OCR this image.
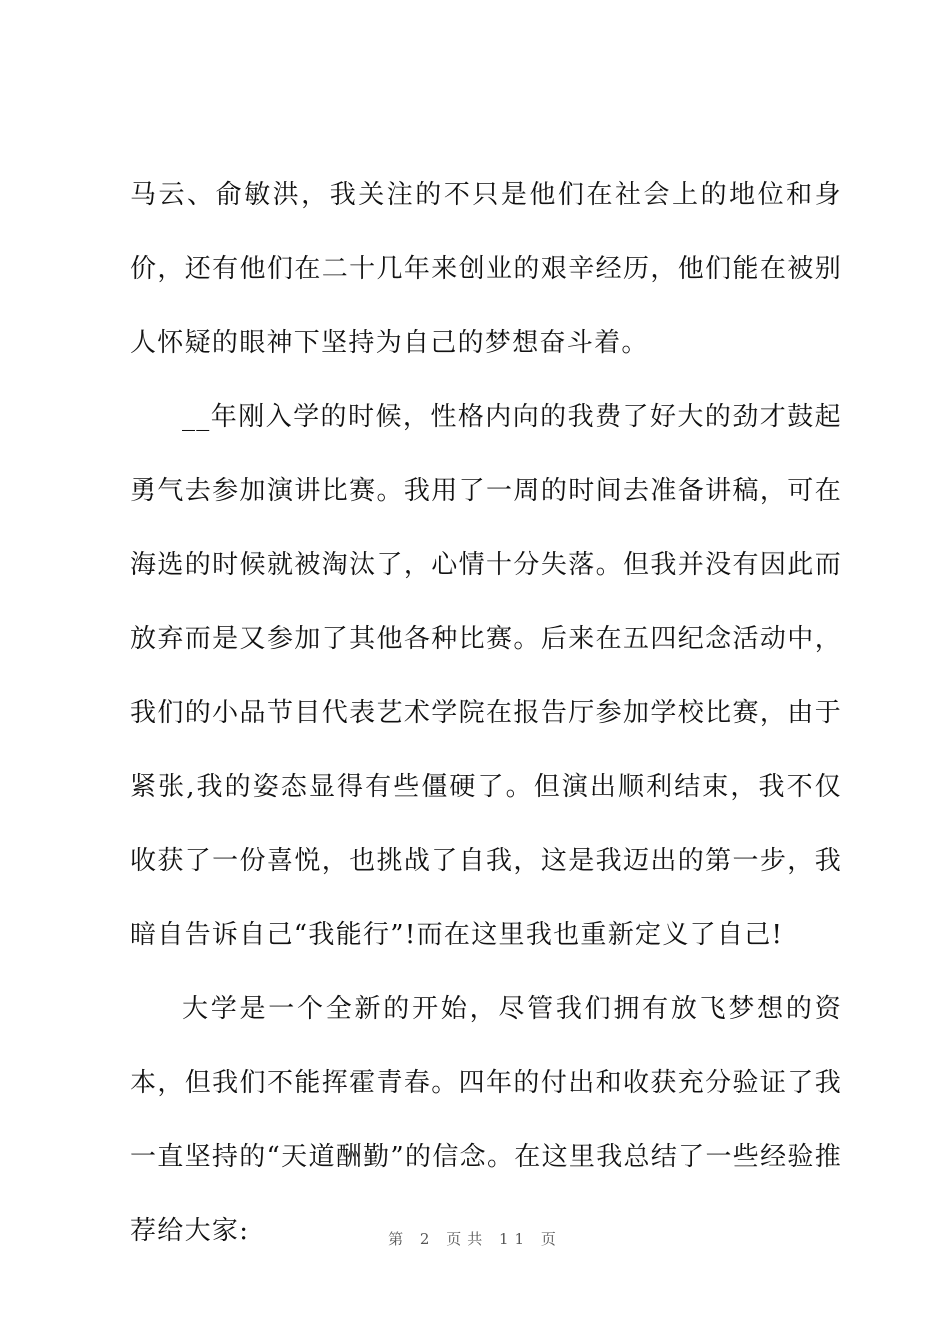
马云、俞敏洪，我关注的不只是他们在社会上的地位和身价，还有他们在二十几年来创业的艰辛经历，他们能在被别人怀疑的眼神下坚持为自己的梦想奋斗着。

__年刚入学的时候，性格内向的我费了好大的劲才鼓起勇气去参加演讲比赛。我用了一周的时间去准备讲稿，可在海选的时候就被淘汰了，心情十分失落。但我并没有因此而放弃而是又参加了其他各种比赛。后来在五四纪念活动中，我们的小品节目代表艺术学院在报告厅参加学校比赛，由于紧张,我的姿态显得有些僵硬了。但演出顺利结束，我不仅收获了一份喜悦，也挑战了自我，这是我迈出的第一步，我暗自告诉自己“我能行”!而在这里我也重新定义了自己!

大学是一个全新的开始，尽管我们拥有放飞梦想的资本，但我们不能挥霍青春。四年的付出和收获充分验证了我一直坚持的“天道酬勤”的信念。在这里我总结了一些经验推荐给大家:	第 2 页共 11 页
